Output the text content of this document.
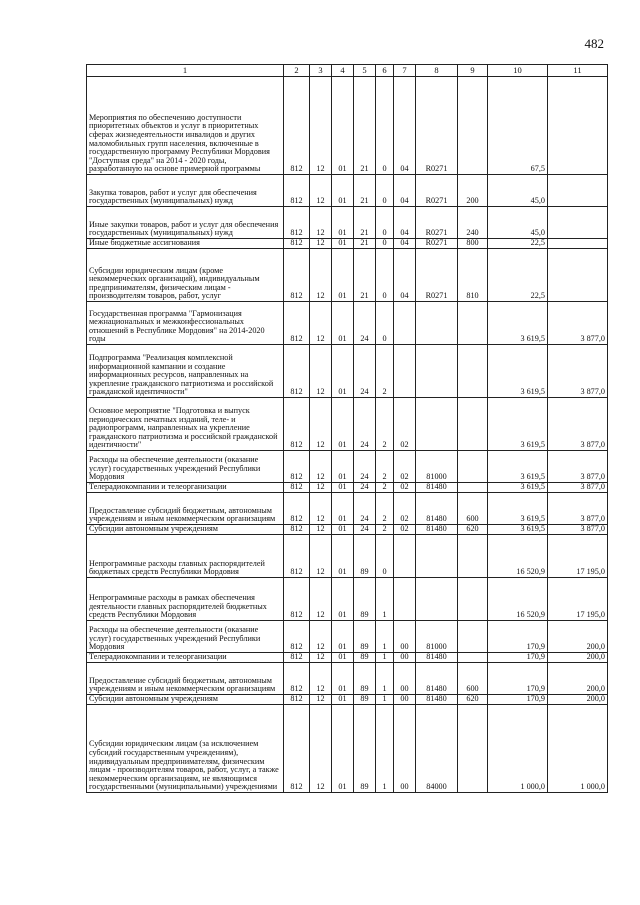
482
1	2	3	4	5	6	7	8	9	10	11
Мероприятия по обеспечению доступности приоритетных объектов и услуг в приоритетных сферах жизнедеятельности инвалидов и других маломобильных групп населения, включенные в государственную программу Республики Мордовия "Доступная среда" на 2014 - 2020 годы, разработанную на основе примерной программы	812	12	01	21	0	04	R0271		67,5	
Закупка товаров, работ и услуг для обеспечения государственных (муниципальных) нужд	812	12	01	21	0	04	R0271	200	45,0	
Иные закупки товаров, работ и услуг для обеспечения государственных (муниципальных) нужд	812	12	01	21	0	04	R0271	240	45,0	
Иные бюджетные ассигнования	812	12	01	21	0	04	R0271	800	22,5	
Субсидии юридическим лицам (кроме некоммерческих организаций), индивидуальным предпринимателям, физическим лицам - производителям товаров, работ, услуг	812	12	01	21	0	04	R0271	810	22,5	
Государственная программа "Гармонизация межнациональных и межконфессиональных отношений в Республике Мордовия" на 2014-2020 годы	812	12	01	24	0				3 619,5	3 877,0
Подпрограмма "Реализация комплексной информационной кампании и создание информационных ресурсов, направленных на укрепление гражданского патриотизма и российской гражданской идентичности"	812	12	01	24	2				3 619,5	3 877,0
Основное мероприятие "Подготовка и выпуск периодических печатных изданий, теле- и радиопрограмм, направленных на укрепление гражданского патриотизма и российской гражданской идентичности"	812	12	01	24	2	02			3 619,5	3 877,0
Расходы на обеспечение деятельности (оказание услуг) государственных учреждений Республики Мордовия	812	12	01	24	2	02	81000		3 619,5	3 877,0
Телерадиокомпании и телеорганизации	812	12	01	24	2	02	81480		3 619,5	3 877,0
Предоставление субсидий бюджетным, автономным учреждениям и иным некоммерческим организациям	812	12	01	24	2	02	81480	600	3 619,5	3 877,0
Субсидии автономным учреждениям	812	12	01	24	2	02	81480	620	3 619,5	3 877,0
Непрограммные расходы главных распорядителей бюджетных средств Республики Мордовия	812	12	01	89	0				16 520,9	17 195,0
Непрограммные расходы в рамках обеспечения деятельности главных распорядителей бюджетных средств Республики Мордовия	812	12	01	89	1				16 520,9	17 195,0
Расходы на обеспечение деятельности (оказание услуг) государственных учреждений Республики Мордовия	812	12	01	89	1	00	81000		170,9	200,0
Телерадиокомпании и телеорганизации	812	12	01	89	1	00	81480		170,9	200,0
Предоставление субсидий бюджетным, автономным учреждениям и иным некоммерческим организациям	812	12	01	89	1	00	81480	600	170,9	200,0
Субсидии автономным учреждениям	812	12	01	89	1	00	81480	620	170,9	200,0
Субсидии юридическим лицам (за исключением субсидий государственным учреждениям), индивидуальным предпринимателям, физическим лицам - производителям товаров, работ, услуг, а также некоммерческим организациям, не являющимся государственными (муниципальными) учреждениями	812	12	01	89	1	00	84000		1 000,0	1 000,0
